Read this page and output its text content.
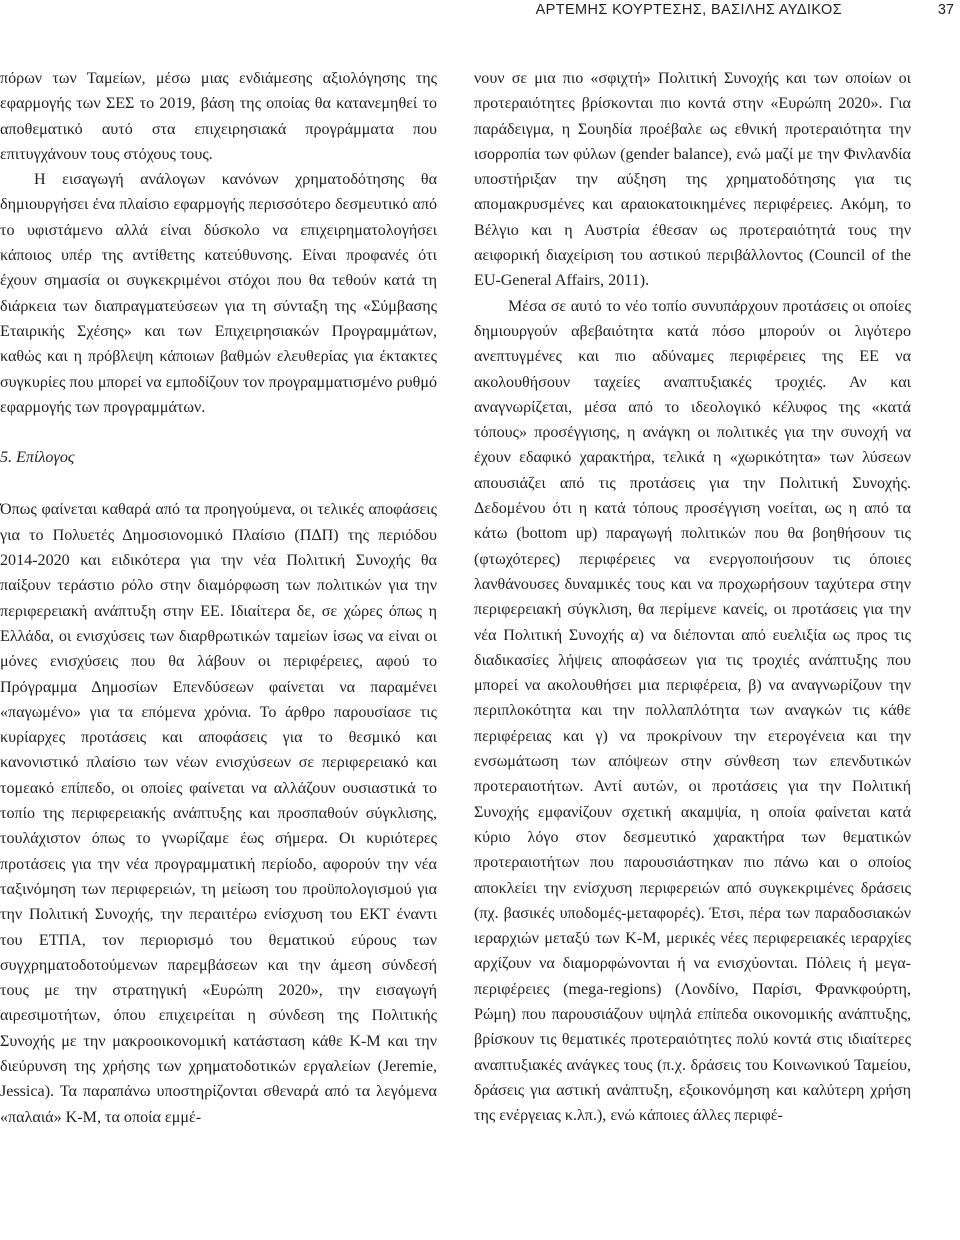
ΑΡΤΕΜΗΣ ΚΟΥΡΤΕΣΗΣ, ΒΑΣΙΛΗΣ ΑΥΔΙΚΟΣ	37

πόρων των Ταμείων, μέσω μιας ενδιάμεσης αξιολόγησης της εφαρμογής των ΣΕΣ το 2019, βάση της οποίας θα κατανεμηθεί το αποθεματικό αυτό στα επιχειρησιακά προγράμματα που επιτυγχάνουν τους στόχους τους.

Η εισαγωγή ανάλογων κανόνων χρηματοδότησης θα δημιουργήσει ένα πλαίσιο εφαρμογής περισσότερο δεσμευτικό από το υφιστάμενο αλλά είναι δύσκολο να επιχειρηματολογήσει κάποιος υπέρ της αντίθετης κατεύθυνσης. Είναι προφανές ότι έχουν σημασία οι συγκεκριμένοι στόχοι που θα τεθούν κατά τη διάρκεια των διαπραγματεύσεων για τη σύνταξη της «Σύμβασης Εταιρικής Σχέσης» και των Επιχειρησιακών Προγραμμάτων, καθώς και η πρόβλεψη κάποιων βαθμών ελευθερίας για έκτακτες συγκυρίες που μπορεί να εμποδίζουν τον προγραμματισμένο ρυθμό εφαρμογής των προγραμμάτων.

5. Επίλογος

Όπως φαίνεται καθαρά από τα προηγούμενα, οι τελικές αποφάσεις για το Πολυετές Δημοσιονομικό Πλαίσιο (ΠΔΠ) της περιόδου 2014-2020 και ειδικότερα για την νέα Πολιτική Συνοχής θα παίξουν τεράστιο ρόλο στην διαμόρφωση των πολιτικών για την περιφερειακή ανάπτυξη στην ΕΕ. Ιδιαίτερα δε, σε χώρες όπως η Ελλάδα, οι ενισχύσεις των διαρθρωτικών ταμείων ίσως να είναι οι μόνες ενισχύσεις που θα λάβουν οι περιφέρειες, αφού το Πρόγραμμα Δημοσίων Επενδύσεων φαίνεται να παραμένει «παγωμένο» για τα επόμενα χρόνια. Το άρθρο παρουσίασε τις κυρίαρχες προτάσεις και αποφάσεις για το θεσμικό και κανονιστικό πλαίσιο των νέων ενισχύσεων σε περιφερειακό και τομεακό επίπεδο, οι οποίες φαίνεται να αλλάζουν ουσιαστικά το τοπίο της περιφερειακής ανάπτυξης και προσπαθούν σύγκλισης, τουλάχιστον όπως το γνωρίζαμε έως σήμερα. Οι κυριότερες προτάσεις για την νέα προγραμματική περίοδο, αφορούν την νέα ταξινόμηση των περιφερειών, τη μείωση του προϋπολογισμού για την Πολιτική Συνοχής, την περαιτέρω ενίσχυση του ΕΚΤ έναντι του ΕΤΠΑ, τον περιορισμό του θεματικού εύρους των συγχρηματοδοτούμενων παρεμβάσεων και την άμεση σύνδεσή τους με την στρατηγική «Ευρώπη 2020», την εισαγωγή αιρεσιμοτήτων, όπου επιχειρείται η σύνδεση της Πολιτικής Συνοχής με την μακροοικονομική κατάσταση κάθε Κ-Μ και την διεύρυνση της χρήσης των χρηματοδοτικών εργαλείων (Jeremie, Jessica). Τα παραπάνω υποστηρίζονται σθεναρά από τα λεγόμενα «παλαιά» Κ-Μ, τα οποία εμμέ-

νουν σε μια πιο «σφιχτή» Πολιτική Συνοχής και των οποίων οι προτεραιότητες βρίσκονται πιο κοντά στην «Ευρώπη 2020». Για παράδειγμα, η Σουηδία προέβαλε ως εθνική προτεραιότητα την ισορροπία των φύλων (gender balance), ενώ μαζί με την Φινλανδία υποστήριξαν την αύξηση της χρηματοδότησης για τις απομακρυσμένες και αραιοκατοικημένες περιφέρειες. Ακόμη, το Βέλγιο και η Αυστρία έθεσαν ως προτεραιότητά τους την αειφορική διαχείριση του αστικού περιβάλλοντος (Council of the EU-General Affairs, 2011).

Μέσα σε αυτό το νέο τοπίο συνυπάρχουν προτάσεις οι οποίες δημιουργούν αβεβαιότητα κατά πόσο μπορούν οι λιγότερο ανεπτυγμένες και πιο αδύναμες περιφέρειες της ΕΕ να ακολουθήσουν ταχείες αναπτυξιακές τροχιές. Αν και αναγνωρίζεται, μέσα από το ιδεολογικό κέλυφος της «κατά τόπους» προσέγγισης, η ανάγκη οι πολιτικές για την συνοχή να έχουν εδαφικό χαρακτήρα, τελικά η «χωρικότητα» των λύσεων απουσιάζει από τις προτάσεις για την Πολιτική Συνοχής. Δεδομένου ότι η κατά τόπους προσέγγιση νοείται, ως η από τα κάτω (bottom up) παραγωγή πολιτικών που θα βοηθήσουν τις (φτωχότερες) περιφέρειες να ενεργοποιήσουν τις όποιες λανθάνουσες δυναμικές τους και να προχωρήσουν ταχύτερα στην περιφερειακή σύγκλιση, θα περίμενε κανείς, οι προτάσεις για την νέα Πολιτική Συνοχής α) να διέπονται από ευελιξία ως προς τις διαδικασίες λήψεις αποφάσεων για τις τροχιές ανάπτυξης που μπορεί να ακολουθήσει μια περιφέρεια, β) να αναγνωρίζουν την περιπλοκότητα και την πολλαπλότητα των αναγκών τις κάθε περιφέρειας και γ) να προκρίνουν την ετερογένεια και την ενσωμάτωση των απόψεων στην σύνθεση των επενδυτικών προτεραιοτήτων. Αντί αυτών, οι προτάσεις για την Πολιτική Συνοχής εμφανίζουν σχετική ακαμψία, η οποία φαίνεται κατά κύριο λόγο στον δεσμευτικό χαρακτήρα των θεματικών προτεραιοτήτων που παρουσιάστηκαν πιο πάνω και ο οποίος αποκλείει την ενίσχυση περιφερειών από συγκεκριμένες δράσεις (πχ. βασικές υποδομές-μεταφορές). Έτσι, πέρα των παραδοσιακών ιεραρχιών μεταξύ των Κ-Μ, μερικές νέες περιφερειακές ιεραρχίες αρχίζουν να διαμορφώνονται ή να ενισχύονται. Πόλεις ή μεγα-περιφέρειες (mega-regions) (Λονδίνο, Παρίσι, Φρανκφούρτη, Ρώμη) που παρουσιάζουν υψηλά επίπεδα οικονομικής ανάπτυξης, βρίσκουν τις θεματικές προτεραιότητες πολύ κοντά στις ιδιαίτερες αναπτυξιακές ανάγκες τους (π.χ. δράσεις του Κοινωνικού Ταμείου, δράσεις για αστική ανάπτυξη, εξοικονόμηση και καλύτερη χρήση της ενέργειας κ.λπ.), ενώ κάποιες άλλες περιφέ-
